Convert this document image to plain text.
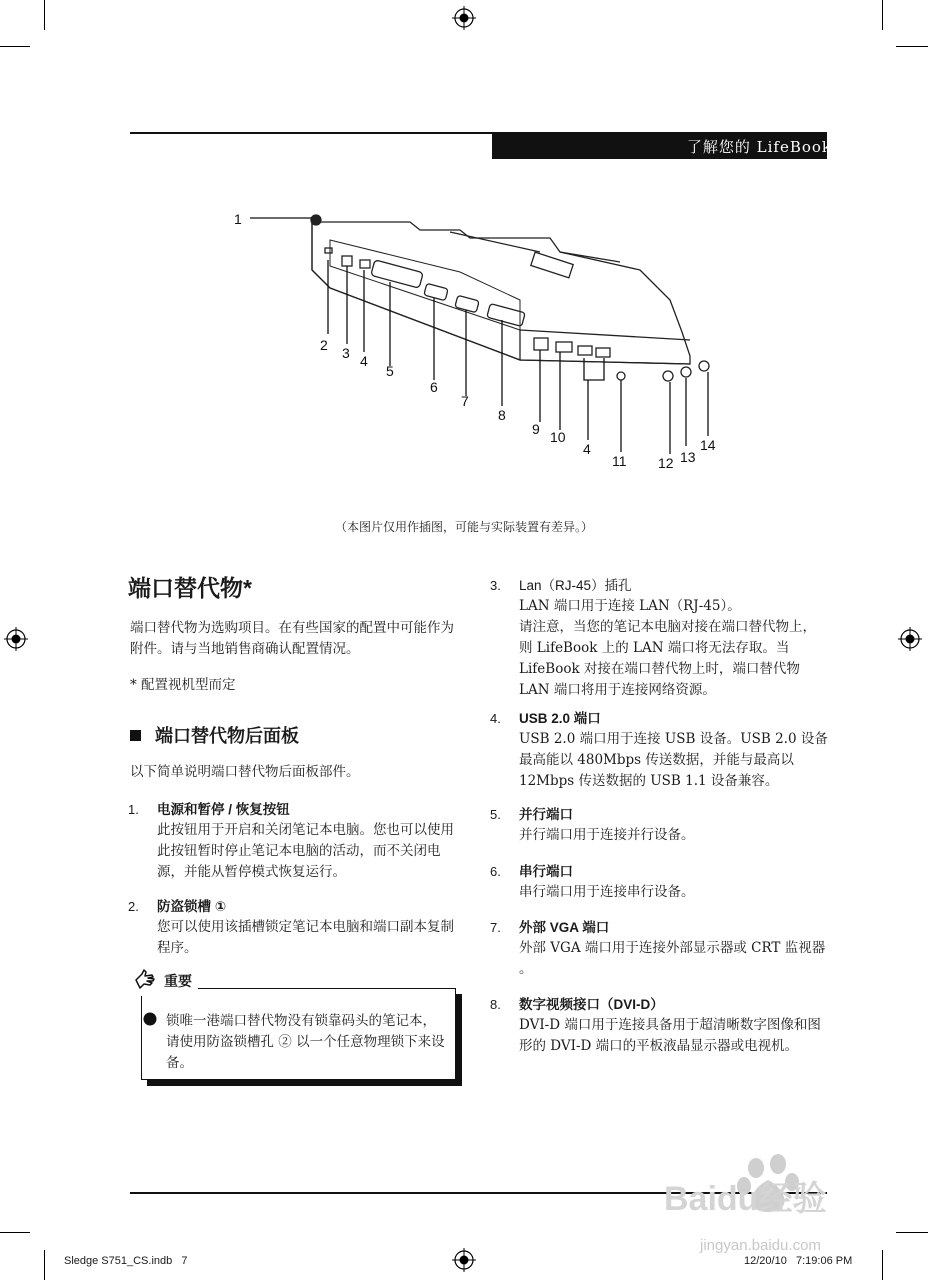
了解您的 LifeBook
1
2 3 4
5
6
7
8
9 10
4
11 12 13
14
（本图片仅用作插图，可能与实际装置有差异。）
端口替代物*
端口替代物为选购项目。在有些国家的配置中可能作为附件。请与当地销售商确认配置情况。
* 配置视机型而定
端口替代物后面板
以下简单说明端口替代物后面板部件。
1. 电源和暂停 / 恢复按钮
此按钮用于开启和关闭笔记本电脑。您也可以使用此按钮暂时停止笔记本电脑的活动，而不关闭电源，并能从暂停模式恢复运行。
2. 防盗锁槽 ①
您可以使用该插槽锁定笔记本电脑和端口副本复制程序。
锁唯一港端口替代物没有锁靠码头的笔记本，请使用防盗锁槽孔 ② 以一个任意物理锁下来设备。
重要
3. Lan（RJ-45）插孔
LAN 端口用于连接 LAN（RJ-45）。
请注意，当您的笔记本电脑对接在端口替代物上，则 LifeBook 上的 LAN 端口将无法存取。当 LifeBook 对接在端口替代物上时，端口替代物 LAN 端口将用于连接网络资源。
4. USB 2.0 端口
USB 2.0 端口用于连接 USB 设备。USB 2.0 设备最高能以 480Mbps 传送数据，并能与最高以 12Mbps 传送数据的 USB 1.1 设备兼容。
5. 并行端口
并行端口用于连接并行设备。
6. 串行端口
串行端口用于连接串行设备。
7. 外部 VGA 端口
外部 VGA 端口用于连接外部显示器或 CRT 监视器 。
8. 数字视频接口（DVI-D）
DVI-D 端口用于连接具备用于超清晰数字图像和图形的 DVI-D 端口的平板液晶显示器或电视机。
Baidu经验
jingyan.baidu.com
Sledge S751_CS.indb   7	12/20/10   7:19:06 PM
